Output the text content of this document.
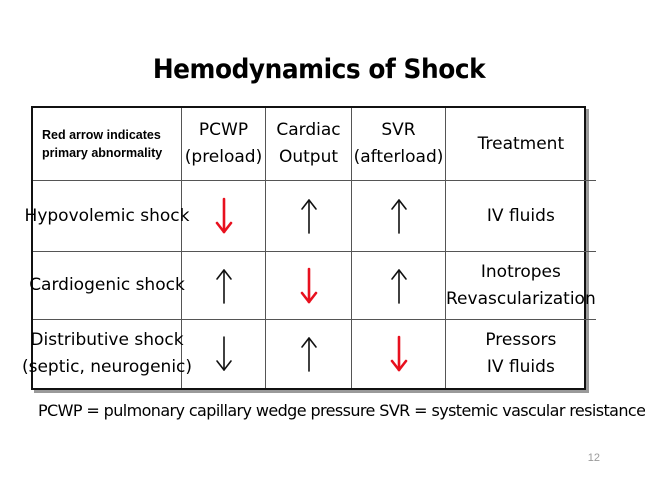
Hemodynamics of Shock
Red arrow indicates
primary abnormality
PCWP
(preload)
Cardiac
Output
SVR
(afterload)
Treatment
Hypovolemic shock	IV fluids
Cardiogenic shock
Inotropes
Revascularization
Distributive shock
(septic, neurogenic)
Pressors
IV fluids
PCWP = pulmonary capillary wedge pressure SVR = systemic vascular resistance
12
